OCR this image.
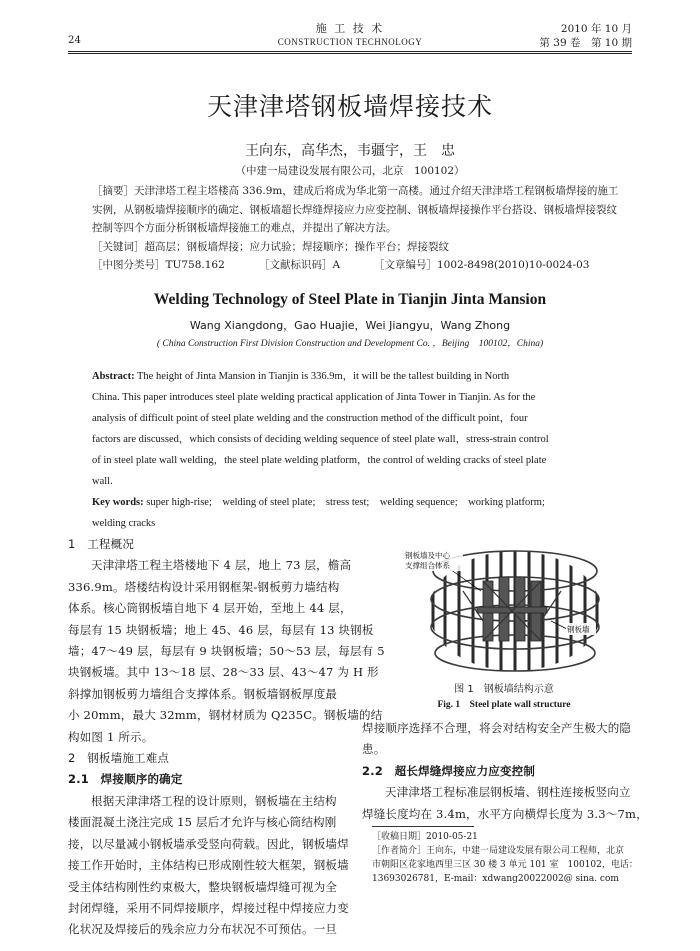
24
施 工 技 术
CONSTRUCTION TECHNOLOGY
2010 年 10 月
第 39 卷　第 10 期
天津津塔钢板墙焊接技术
王向东，高华杰，韦疆宇，王　忠
（中建一局建设发展有限公司，北京　100102）
［摘要］天津津塔工程主塔楼高 336.9m，建成后将成为华北第一高楼。通过介绍天津津塔工程钢板墙焊接的施工
实例，从钢板墙焊接顺序的确定、钢板墙超长焊缝焊接应力应变控制、钢板墙焊接操作平台搭设、钢板墙焊接裂纹
控制等四个方面分析钢板墙焊接施工的难点，并提出了解决方法。
［关键词］超高层；钢板墙焊接；应力试验；焊接顺序；操作平台；焊接裂纹
［中图分类号］TU758.162	［文献标识码］A	［文章编号］1002-8498(2010)10-0024-03
Welding Technology of Steel Plate in Tianjin Jinta Mansion
Wang Xiangdong，Gao Huajie，Wei Jiangyu，Wang Zhong
( China Construction First Division Construction and Development Co. ，Beijing　100102，China)
Abstract: The height of Jinta Mansion in Tianjin is 336.9m，it will be the tallest building in North
China. This paper introduces steel plate welding practical application of Jinta Tower in Tianjin. As for the
analysis of difficult point of steel plate welding and the construction method of the difficult point，four
factors are discussed，which consists of deciding welding sequence of steel plate wall，stress-strain control
of in steel plate wall welding，the steel plate welding platform，the control of welding cracks of steel plate
wall.
Key words: super high-rise;　welding of steel plate;　stress test;　welding sequence;　working platform;
welding cracks
1　工程概况
天津津塔工程主塔楼地下 4 层，地上 73 层，檐高
336.9m。塔楼结构设计采用钢框架-钢板剪力墙结构
体系。核心筒钢板墙自地下 4 层开始，至地上 44 层，
每层有 15 块钢板墙；地上 45、46 层，每层有 13 块钢板
墙；47～49 层，每层有 9 块钢板墙；50～53 层，每层有 5
块钢板墙。其中 13～18 层、28～33 层、43～47 为 H 形
斜撑加钢板剪力墙组合支撑体系。钢板墙钢板厚度最
小 20mm，最大 32mm，钢材材质为 Q235C。钢板墙的结
构如图 1 所示。
2　钢板墙施工难点
2.1　焊接顺序的确定
根据天津津塔工程的设计原则，钢板墙在主结构
楼面混凝土浇注完成 15 层后才允许与核心筒结构刚
接，以尽量减小钢板墙承受竖向荷载。因此，钢板墙焊
接工作开始时，主体结构已形成刚性较大框架，钢板墙
受主体结构刚性约束极大，整块钢板墙焊缝可视为全
封闭焊缝，采用不同焊接顺序，焊接过程中焊接应力变
化状况及焊接后的残余应力分布状况不可预估。一旦
钢板墙及中心
支撑组合体系
钢板墙
图 1　钢板墙结构示意
Fig. 1　Steel plate wall structure
焊接顺序选择不合理，将会对结构安全产生极大的隐
患。
2.2　超长焊缝焊接应力应变控制
天津津塔工程标准层钢板墙、钢柱连接板竖向立
焊缝长度均在 3.4m，水平方向横焊长度为 3.3～7m，
［收稿日期］2010-05-21
［作者简介］王向东，中建一局建设发展有限公司工程师，北京
市朝阳区花家地西里三区 30 楼 3 单元 101 室　100102，电话：
13693026781，E-mail：xdwang20022002@ sina. com
